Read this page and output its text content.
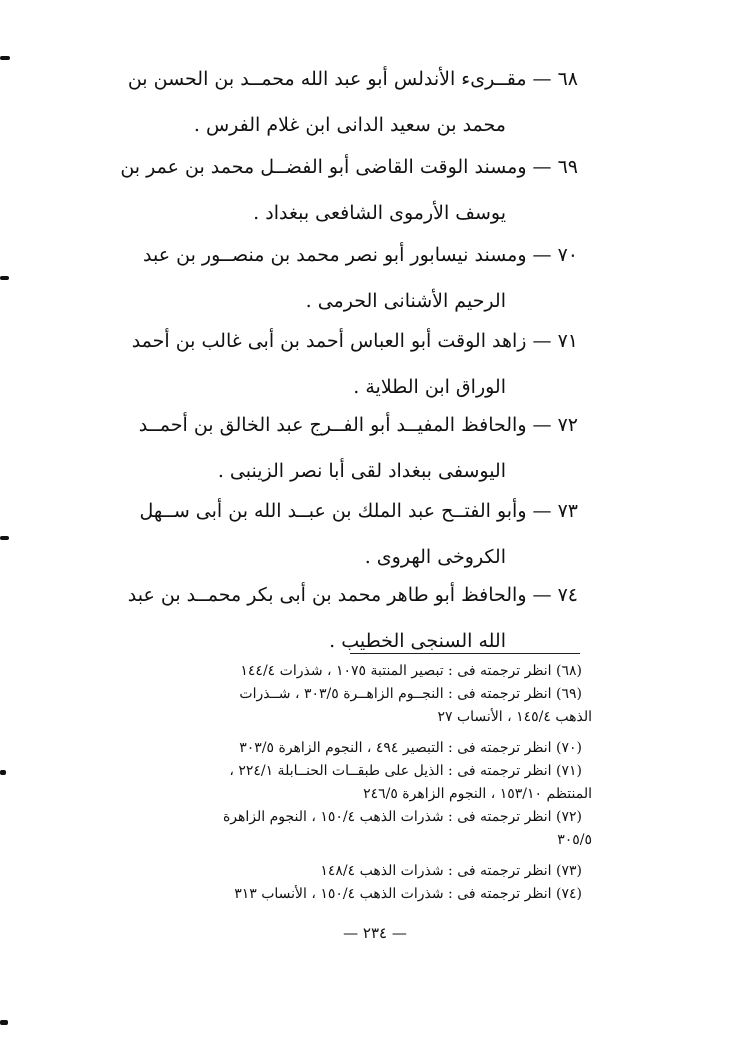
٦٨ — مقــرىء الأندلس أبو عبد الله محمــد بن الحسن بن
محمد بن سعيد الدانى ابن غلام الفرس .
٦٩ — ومسند الوقت القاضى أبو الفضــل محمد بن عمر بن
يوسف الأرموى الشافعى ببغداد .
٧٠ — ومسند نيسابور أبو نصر محمد بن منصــور بن عبد
الرحيم الأشنانى الحرمى .
٧١ — زاهد الوقت أبو العباس أحمد بن أبى غالب بن أحمد
الوراق ابن الطلاية .
٧٢ — والحافظ المفيــد أبو الفــرج عبد الخالق بن أحمــد
اليوسفى ببغداد لقى أبا نصر الزينبى .
٧٣ — وأبو الفتــح عبد الملك بن عبــد الله بن أبى ســهل
الكروخى الهروى .
٧٤ — والحافظ أبو طاهر محمد بن أبى بكر محمــد بن عبد
الله السنجى الخطيب .
(٦٨) انظر ترجمته فى : تبصير المنتبة ١٠٧٥ ، شذرات ١٤٤/٤
(٦٩) انظر ترجمته فى : النجــوم الزاهــرة ٣٠٣/٥ ، شــذرات
الذهب ١٤٥/٤ ، الأنساب ٢٧
(٧٠) انظر ترجمته فى : التبصير ٤٩٤ ، النجوم الزاهرة ٣٠٣/٥
(٧١) انظر ترجمته فى : الذيل على طبقــات الحنــابلة ٢٢٤/١ ،
المنتظم ١٥٣/١٠ ، النجوم الزاهرة ٢٤٦/٥
(٧٢) انظر ترجمته فى : شذرات الذهب ١٥٠/٤ ، النجوم الزاهرة
٣٠٥/٥
(٧٣) انظر ترجمته فى : شذرات الذهب ١٤٨/٤
(٧٤) انظر ترجمته فى : شذرات الذهب ١٥٠/٤ ، الأنساب ٣١٣
— ٢٣٤ —
